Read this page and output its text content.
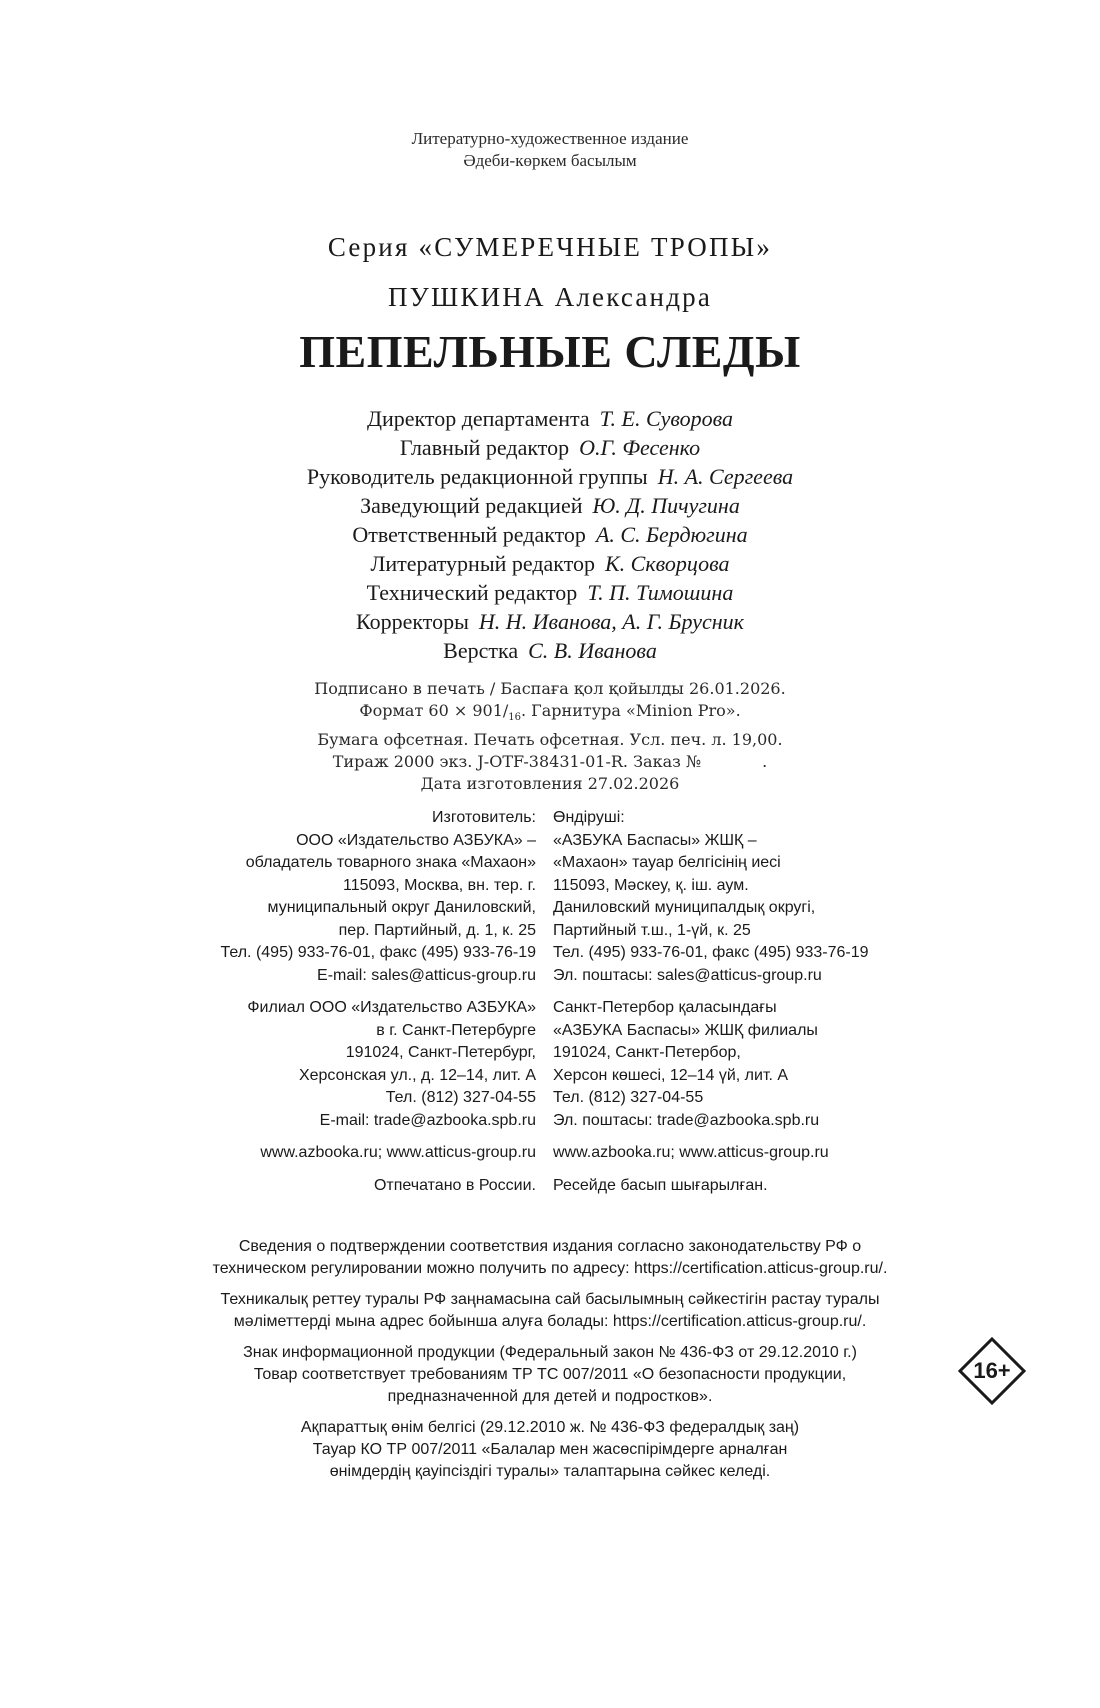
Литературно-художественное издание
Әдеби-көркем басылым
Серия «СУМЕРЕЧНЫЕ ТРОПЫ»
ПУШКИНА Александра
ПЕПЕЛЬНЫЕ СЛЕДЫ
Директор департамента Т. Е. Суворова
Главный редактор О.Г. Фесенко
Руководитель редакционной группы Н. А. Сергеева
Заведующий редакцией Ю. Д. Пичугина
Ответственный редактор А. С. Бердюгина
Литературный редактор К. Скворцова
Технический редактор Т. П. Тимошина
Корректоры Н. Н. Иванова, А. Г. Брусник
Верстка С. В. Иванова
Подписано в печать / Баспаға қол қойылды 26.01.2026.
Формат $60 \times 901/_{16}$. Гарнитура «Minion Pro».
Бумага офсетная. Печать офсетная. Усл. печ. л. 19,00.
Тираж 2000 экз. J-OTF-38431-01-R. Заказ №            .
Дата изготовления 27.02.2026
Изготовитель:
ООО «Издательство АЗБУКА» –
обладатель товарного знака «Махаон»
115093, Москва, вн. тер. г.
муниципальный округ Даниловский,
пер. Партийный, д. 1, к. 25
Тел. (495) 933-76-01, факс (495) 933-76-19
E-mail: sales@atticus-group.ru
Өндіруші:
«АЗБУКА Баспасы» ЖШҚ –
«Махаон» тауар белгісінің иесі
115093, Мәскеу, қ. іш. аум.
Даниловский муниципалдық округі,
Партийный т.ш., 1-үй, к. 25
Тел. (495) 933-76-01, факс (495) 933-76-19
Эл. поштасы: sales@atticus-group.ru
Филиал ООО «Издательство АЗБУКА»
в г. Санкт-Петербурге
191024, Санкт-Петербург,
Херсонская ул., д. 12–14, лит. А
Тел. (812) 327-04-55
E-mail: trade@azbooka.spb.ru
Санкт-Петербор қаласындағы
«АЗБУКА Баспасы» ЖШҚ филиалы
191024, Санкт-Петербор,
Херсон көшесі, 12–14 үй, лит. А
Тел. (812) 327-04-55
Эл. поштасы: trade@azbooka.spb.ru
www.azbooka.ru; www.atticus-group.ru www.azbooka.ru; www.atticus-group.ru
Отпечатано в России. Ресейде басып шығарылған.
Сведения о подтверждении соответствия издания согласно законодательству РФ о
техническом регулировании можно получить по адресу: https://certification.atticus-group.ru/.
Техникалық реттеу туралы РФ заңнамасына сай басылымның сәйкестігін растау туралы
мәліметтерді мына адрес бойынша алуға болады: https://certification.atticus-group.ru/.
Знак информационной продукции (Федеральный закон № 436-ФЗ от 29.12.2010 г.)
Товар соответствует требованиям ТР ТС 007/2011 «О безопасности продукции,
предназначенной для детей и подростков».
Ақпараттық өнім белгісі (29.12.2010 ж. № 436-ФЗ федералдық заң)
Тауар КО ТР 007/2011 «Балалар мен жасөспірімдерге арналған
өнімдердің қауіпсіздігі туралы» талаптарына сәйкес келеді.
16+
